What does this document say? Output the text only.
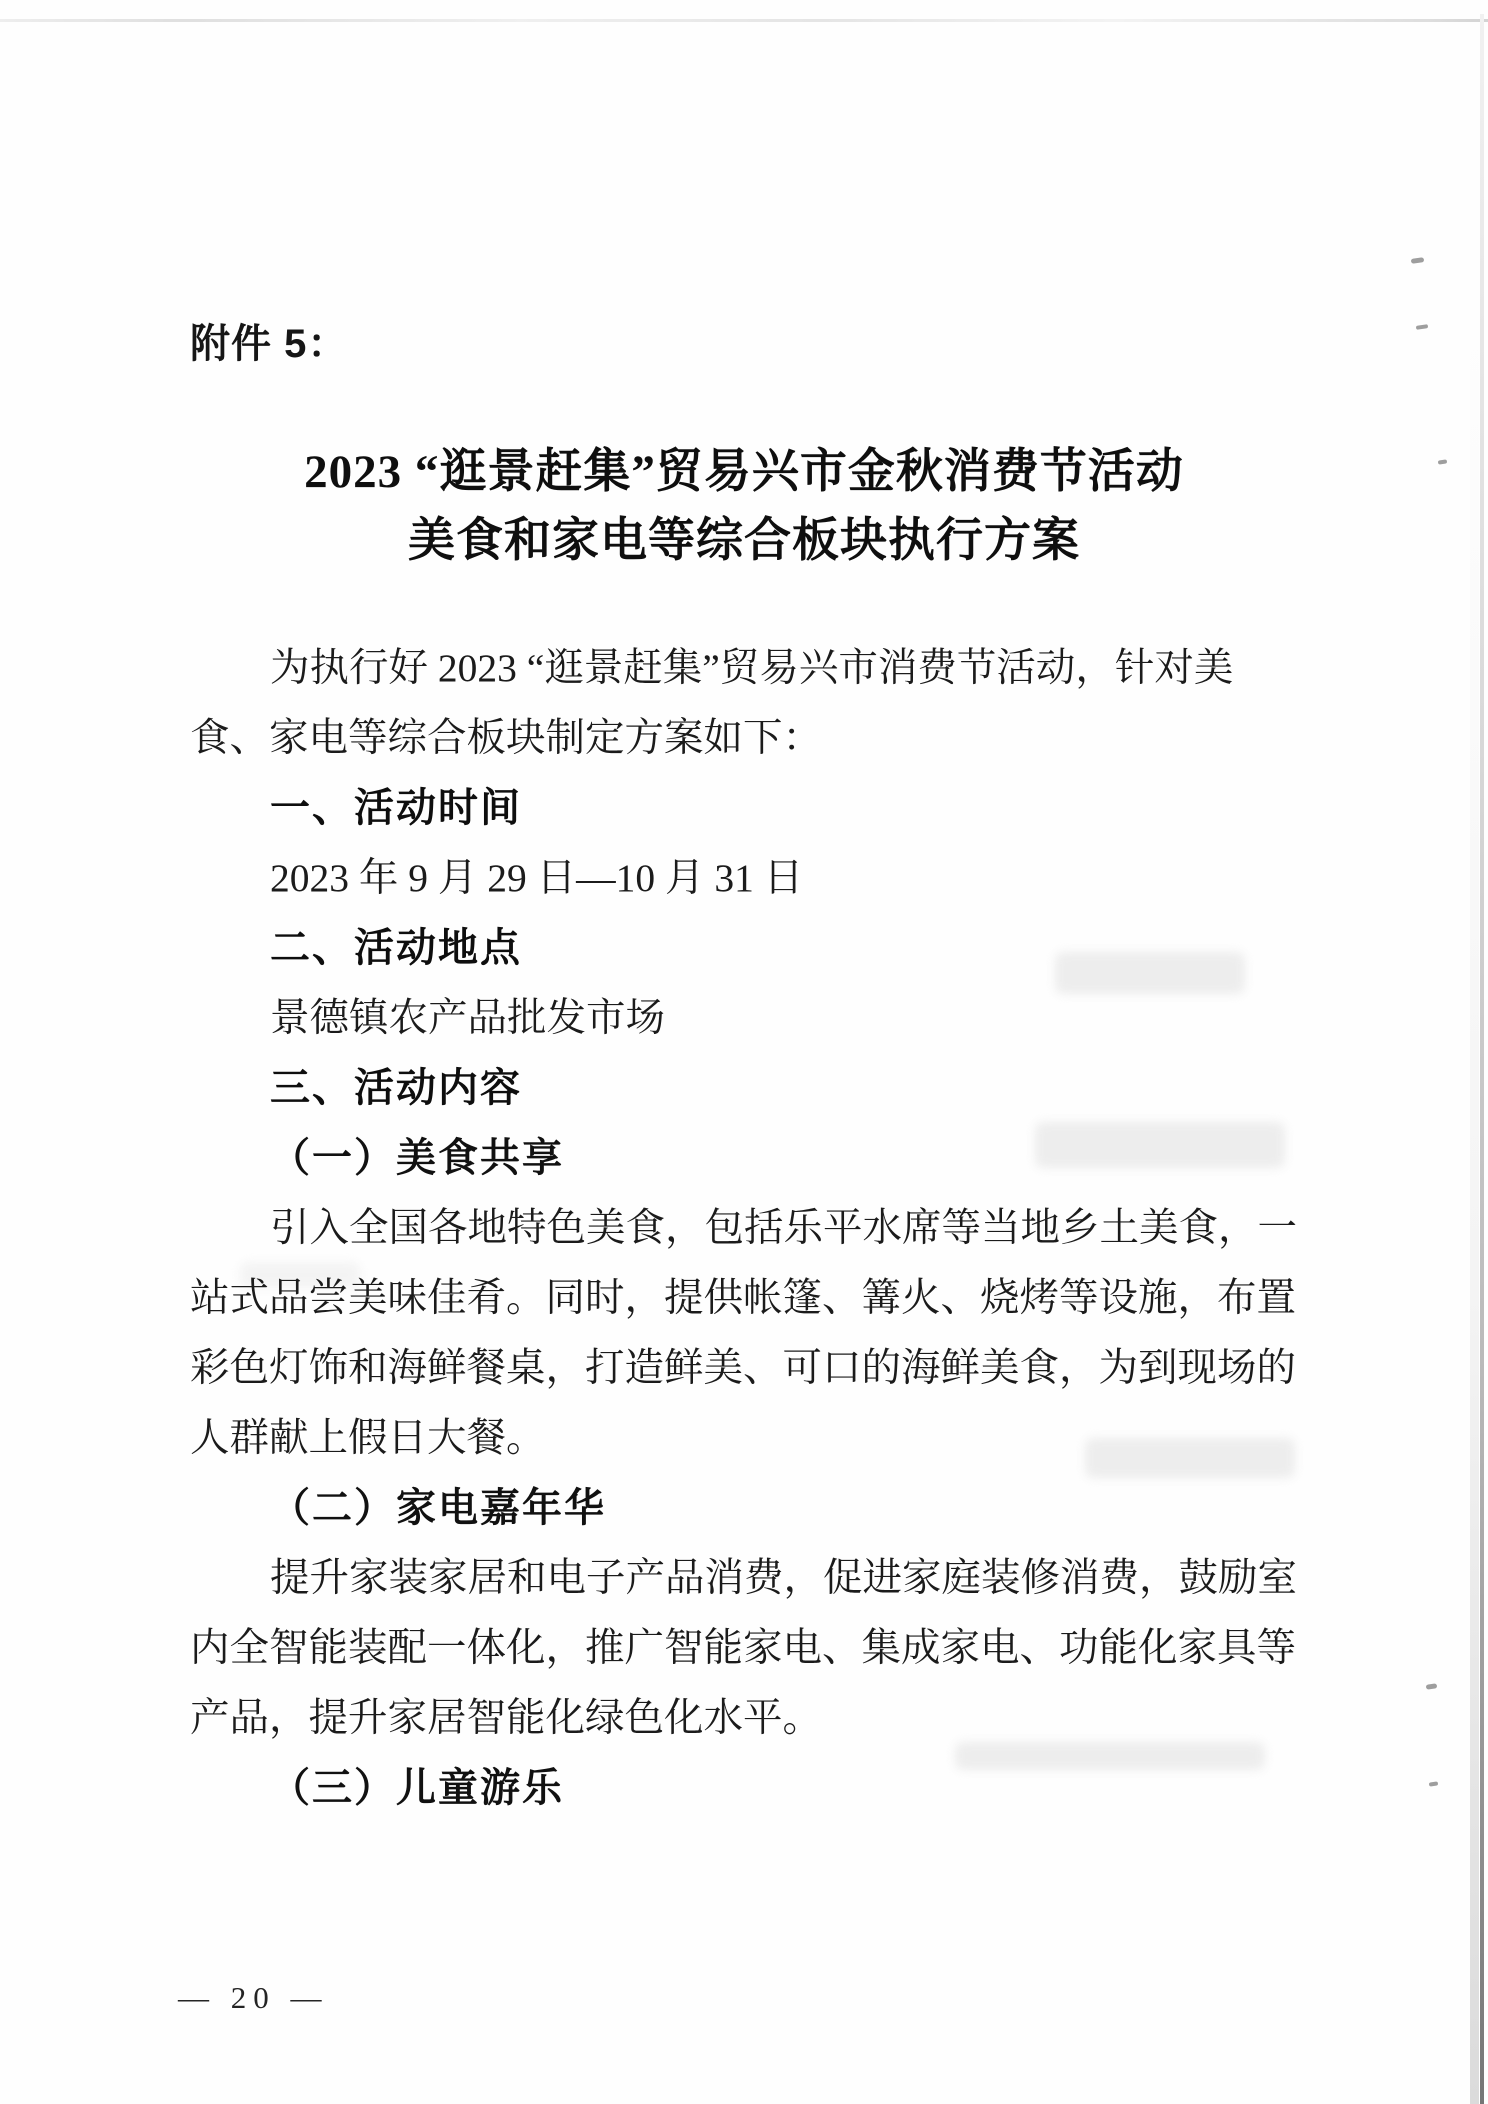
附件 5：
2023 “逛景赶集”贸易兴市金秋消费节活动
美食和家电等综合板块执行方案
为执行好 2023 “逛景赶集”贸易兴市消费节活动，针对美
食、家电等综合板块制定方案如下：
一、活动时间
2023 年 9 月 29 日—10 月 31 日
二、活动地点
景德镇农产品批发市场
三、活动内容
（一）美食共享
引入全国各地特色美食，包括乐平水席等当地乡土美食，一
站式品尝美味佳肴。同时，提供帐篷、篝火、烧烤等设施，布置
彩色灯饰和海鲜餐桌，打造鲜美、可口的海鲜美食，为到现场的
人群献上假日大餐。
（二）家电嘉年华
提升家装家居和电子产品消费，促进家庭装修消费，鼓励室
内全智能装配一体化，推广智能家电、集成家电、功能化家具等
产品，提升家居智能化绿色化水平。
（三）儿童游乐
— 20 —
